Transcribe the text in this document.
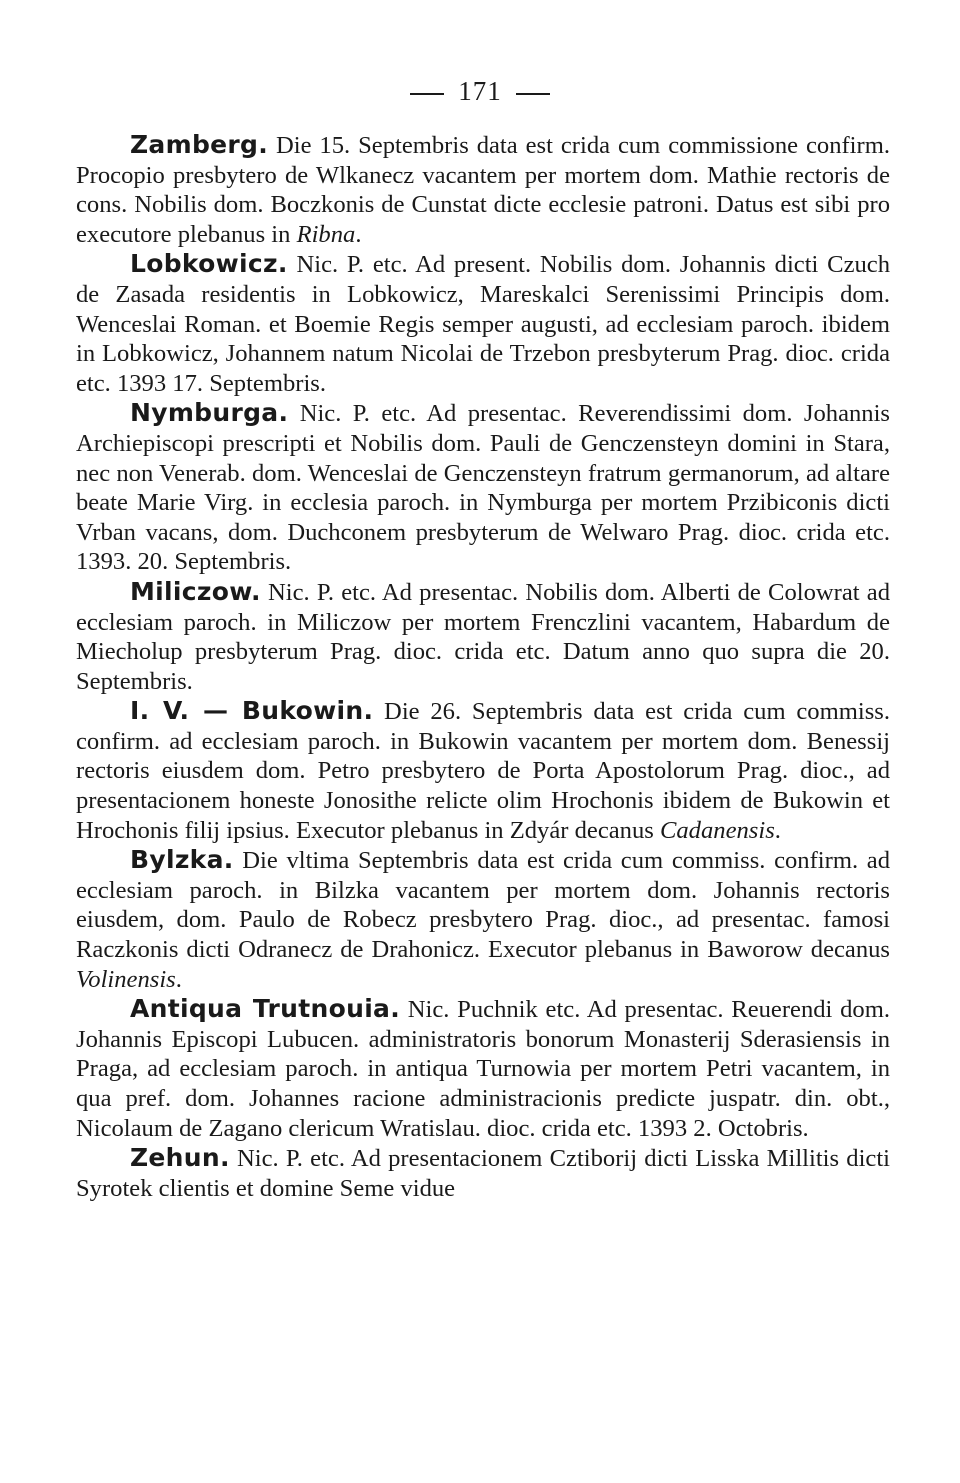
171

Zamberg. Die 15. Septembris data est crida cum commissione confirm. Procopio presbytero de Wlkanecz vacantem per mortem dom. Mathie rectoris de cons. Nobilis dom. Boczkonis de Cunstat dicte ecclesie patroni. Datus est sibi pro executore plebanus in Ribna.

Lobkowicz. Nic. P. etc. Ad present. Nobilis dom. Johannis dicti Czuch de Zasada residentis in Lobkowicz, Mareskalci Serenissimi Principis dom. Wenceslai Roman. et Boemie Regis semper augusti, ad ecclesiam paroch. ibidem in Lobkowicz, Johannem natum Nicolai de Trzebon presbyterum Prag. dioc. crida etc. 1393 17. Septembris.

Nymburga. Nic. P. etc. Ad presentac. Reverendissimi dom. Johannis Archiepiscopi prescripti et Nobilis dom. Pauli de Genczensteyn domini in Stara, nec non Venerab. dom. Wenceslai de Genczensteyn fratrum germanorum, ad altare beate Marie Virg. in ecclesia paroch. in Nymburga per mortem Przibiconis dicti Vrban vacans, dom. Duchconem presbyterum de Welwaro Prag. dioc. crida etc. 1393. 20. Septembris.

Miliczow. Nic. P. etc. Ad presentac. Nobilis dom. Alberti de Colowrat ad ecclesiam paroch. in Miliczow per mortem Frenczlini vacantem, Habardum de Miecholup presbyterum Prag. dioc. crida etc. Datum anno quo supra die 20. Septembris.

I. V. — Bukowin. Die 26. Septembris data est crida cum commiss. confirm. ad ecclesiam paroch. in Bukowin vacantem per mortem dom. Benessij rectoris eiusdem dom. Petro presbytero de Porta Apostolorum Prag. dioc., ad presentacionem honeste Jonosithe relicte olim Hrochonis ibidem de Bukowin et Hrochonis filij ipsius. Executor plebanus in Zdyár decanus Cadanensis.

Bylzka. Die vltima Septembris data est crida cum commiss. confirm. ad ecclesiam paroch. in Bilzka vacantem per mortem dom. Johannis rectoris eiusdem, dom. Paulo de Robecz presbytero Prag. dioc., ad presentac. famosi Raczkonis dicti Odranecz de Drahonicz. Executor plebanus in Baworow decanus Volinensis.

Antiqua Trutnouia. Nic. Puchnik etc. Ad presentac. Reuerendi dom. Johannis Episcopi Lubucen. administratoris bonorum Monasterij Sderasiensis in Praga, ad ecclesiam paroch. in antiqua Turnowia per mortem Petri vacantem, in qua pref. dom. Johannes racione administracionis predicte juspatr. din. obt., Nicolaum de Zagano clericum Wratislau. dioc. crida etc. 1393 2. Octobris.

Zehun. Nic. P. etc. Ad presentacionem Cztiborij dicti Lisska Millitis dicti Syrotek clientis et domine Seme vidue
